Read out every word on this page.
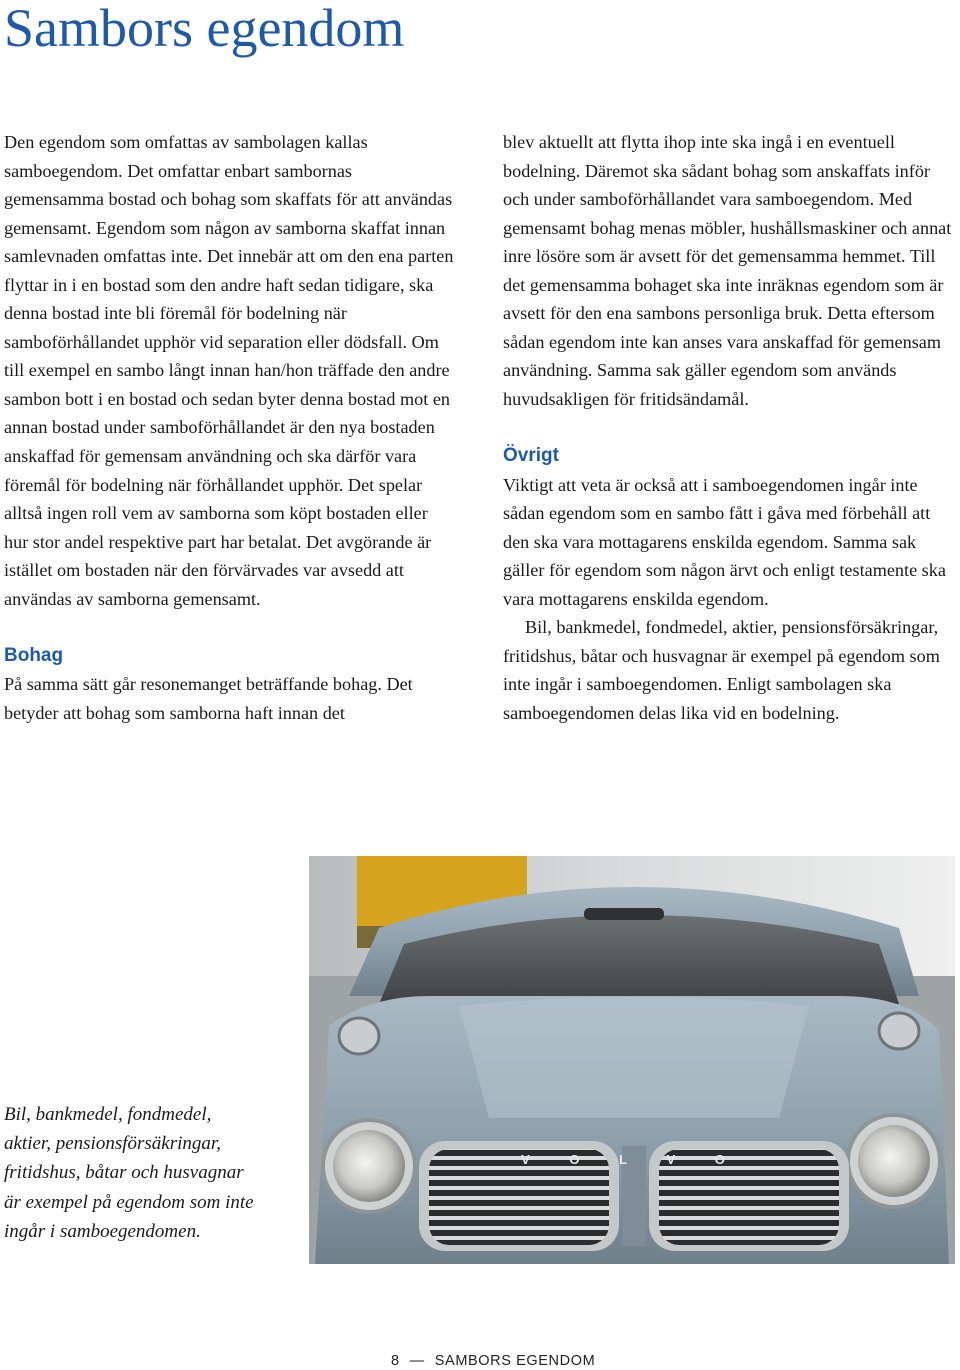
Sambors egendom

Den egendom som omfattas av sambolagen kallas samboegendom. Det omfattar enbart sambornas gemensamma bostad och bohag som skaffats för att användas gemensamt. Egendom som någon av samborna skaffat innan samlevnaden omfattas inte. Det innebär att om den ena parten flyttar in i en bostad som den andre haft sedan tidigare, ska denna bostad inte bli föremål för bodelning när samboförhållandet upphör vid separation eller dödsfall. Om till exempel en sambo långt innan han/hon träffade den andre sambon bott i en bostad och sedan byter denna bostad mot en annan bostad under samboförhållandet är den nya bostaden anskaffad för gemensam användning och ska därför vara föremål för bodelning när förhållandet upphör. Det spelar alltså ingen roll vem av samborna som köpt bostaden eller hur stor andel respektive part har betalat. Det avgörande är istället om bostaden när den förvärvades var avsedd att användas av samborna gemensamt.

Bohag

På samma sätt går resonemanget beträffande bohag. Det betyder att bohag som samborna haft innan det

blev aktuellt att flytta ihop inte ska ingå i en eventuell bodelning. Däremot ska sådant bohag som anskaffats inför och under samboförhållandet vara samboegendom. Med gemensamt bohag menas möbler, hushållsmaskiner och annat inre lösöre som är avsett för det gemensamma hemmet. Till det gemensamma bohaget ska inte inräknas egendom som är avsett för den ena sambons personliga bruk. Detta eftersom sådan egendom inte kan anses vara anskaffad för gemensam användning. Samma sak gäller egendom som används huvudsakligen för fritidsändamål.

Övrigt

Viktigt att veta är också att i samboegendomen ingår inte sådan egendom som en sambo fått i gåva med förbehåll att den ska vara mottagarens enskilda egendom. Samma sak gäller för egendom som någon ärvt och enligt testamente ska vara mottagarens enskilda egendom.

Bil, bankmedel, fondmedel, aktier, pensionsförsäkringar, fritidshus, båtar och husvagnar är exempel på egendom som inte ingår i samboegendomen. Enligt sambolagen ska samboegendomen delas lika vid en bodelning.

V O L V O

Bil, bankmedel, fondmedel, aktier, pensionsförsäkringar, fritidshus, båtar och husvagnar är exempel på egendom som inte ingår i samboegendomen.

8 — SAMBORS EGENDOM
